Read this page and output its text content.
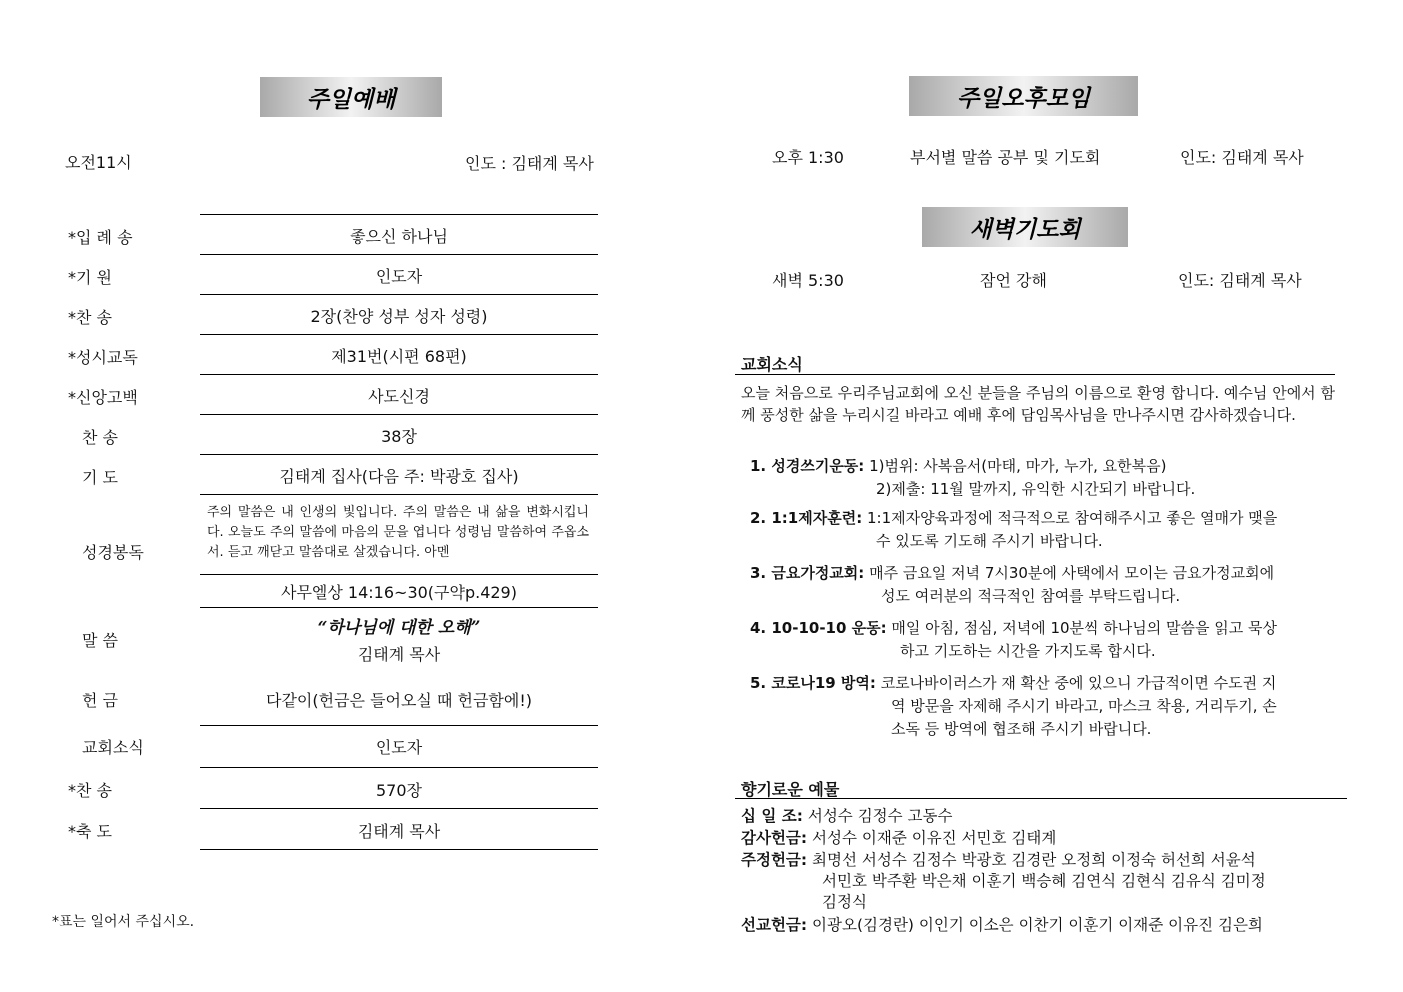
주일예배
오전11시	인도 : 김태계 목사
*입 례 송	좋으신 하나님
*기 원	인도자
*찬 송	2장(찬양 성부 성자 성령)
*성시교독	제31번(시편 68편)
*신앙고백	사도신경
찬 송	38장
기 도	김태계 집사(다음 주: 박광호 집사)
성경봉독
주의 말씀은 내 인생의 빛입니다. 주의 말씀은 내 삶을 변화시킵니다. 오늘도 주의 말씀에 마음의 문을 엽니다 성령님 말씀하여 주옵소서. 듣고 깨닫고 말씀대로 살겠습니다. 아멘
사무엘상 14:16~30(구약p.429)
말 씀
“하나님에 대한 오해”
김태계 목사
헌 금	다같이(헌금은 들어오실 때 헌금함에!)
교회소식	인도자
*찬 송	570장
*축 도	김태계 목사
*표는 일어서 주십시오.
주일오후모임
오후 1:30	부서별 말씀 공부 및 기도회	인도: 김태계 목사
새벽기도회
새벽 5:30	잠언 강해	인도: 김태계 목사
교회소식
오늘 처음으로 우리주님교회에 오신 분들을 주님의 이름으로 환영 합니다. 예수님 안에서 함께 풍성한 삶을 누리시길 바라고 예배 후에 담임목사님을 만나주시면 감사하겠습니다.
1. 성경쓰기운동: 1)범위: 사복음서(마태, 마가, 누가, 요한복음)
2)제출: 11월 말까지, 유익한 시간되기 바랍니다.
2. 1:1제자훈련: 1:1제자양육과정에 적극적으로 참여해주시고 좋은 열매가 맺을
수 있도록 기도해 주시기 바랍니다.
3. 금요가정교회: 매주 금요일 저녁 7시30분에 사택에서 모이는 금요가정교회에
성도 여러분의 적극적인 참여를 부탁드립니다.
4. 10-10-10 운동: 매일 아침, 점심, 저녁에 10분씩 하나님의 말씀을 읽고 묵상
하고 기도하는 시간을 가지도록 합시다.
5. 코로나19 방역: 코로나바이러스가 재 확산 중에 있으니 가급적이면 수도권 지
역 방문을 자제해 주시기 바라고, 마스크 착용, 거리두기, 손
소독 등 방역에 협조해 주시기 바랍니다.
향기로운 예물
십 일 조: 서성수 김정수 고동수
감사헌금: 서성수 이재준 이유진 서민호 김태계
주정헌금: 최명선 서성수 김정수 박광호 김경란 오정희 이정숙 허선희 서윤석
서민호 박주환 박은채 이훈기 백승혜 김연식 김현식 김유식 김미정
김정식
선교헌금: 이광오(김경란) 이인기 이소은 이찬기 이훈기 이재준 이유진 김은희
